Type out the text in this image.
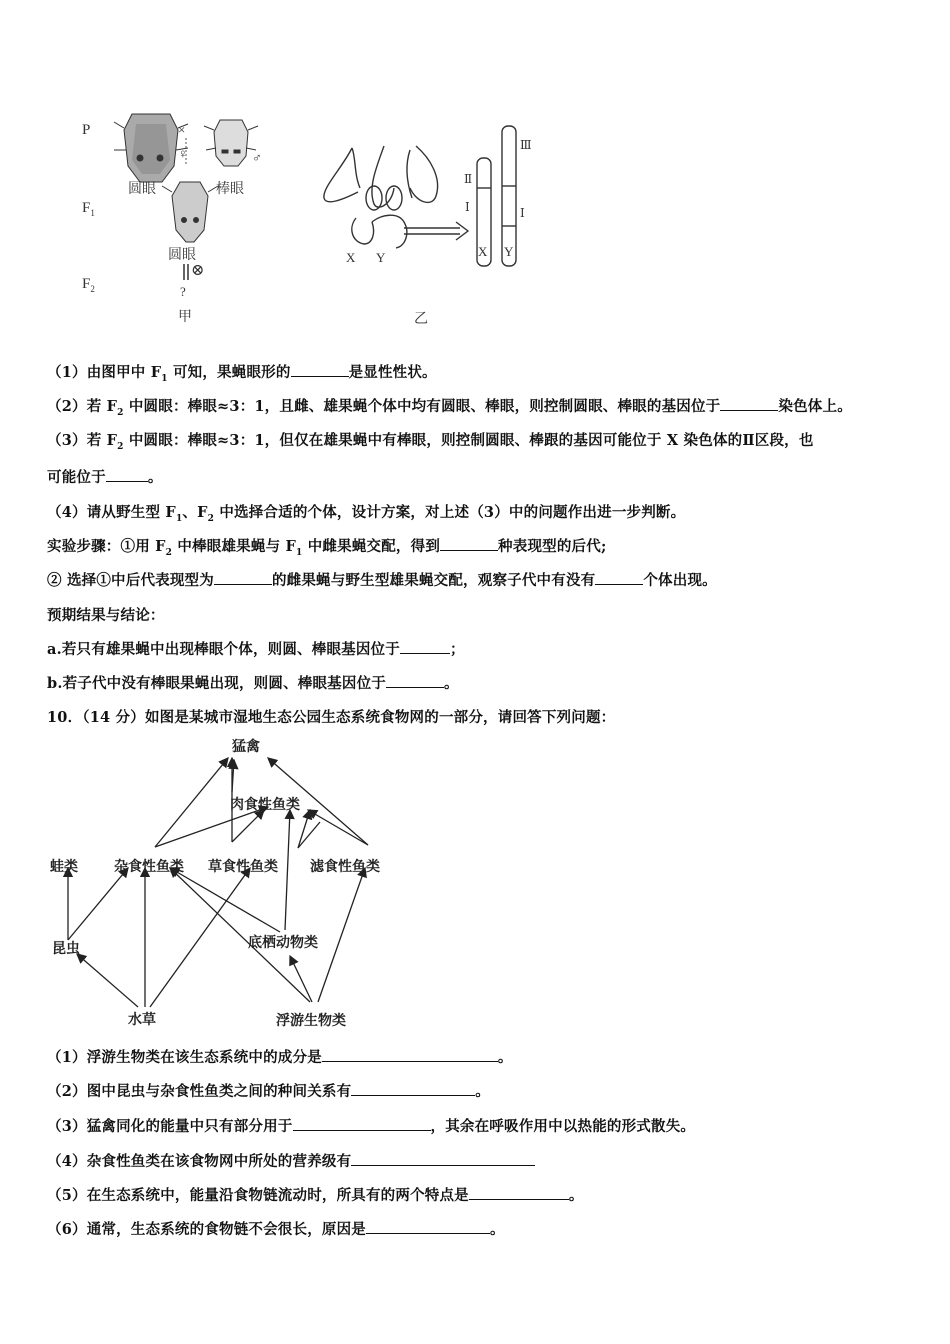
P
$F_1$
$F_2$
×
♀	♂
圆眼	棒眼
圆眼
⊗
?
甲
X Y
Ⅱ
Ⅰ
Ⅲ
Ⅰ
X Y
乙
（1）由图甲中 $F_1$ 可知，果蝇眼形的	是显性性状。
（2）若 $F_2$ 中圆眼：棒眼≈3：1，且雌、雄果蝇个体中均有圆眼、棒眼，则控制圆眼、棒眼的基因位于	染色体上。
（3）若 $F_2$ 中圆眼：棒眼≈3：1，但仅在雄果蝇中有棒眼，则控制圆眼、棒跟的基因可能位于 X 染色体的Ⅱ区段，也
可能位于	。
（4）请从野生型 $F_1$、$F_2$ 中选择合适的个体，设计方案，对上述（3）中的问题作出进一步判断。
实验步骤：①用 $F_2$ 中棒眼雄果蝇与 $F_1$ 中雌果蝇交配，得到	种表现型的后代;
② 选择①中后代表现型为	的雌果蝇与野生型雄果蝇交配，观察子代中有没有	个体出现。
预期结果与结论：
a.若只有雄果蝇中出现棒眼个体，则圆、棒眼基因位于	；
b.若子代中没有棒眼果蝇出现，则圆、棒眼基因位于	。
10．（14 分）如图是某城市湿地生态公园生态系统食物网的一部分，请回答下列问题：
猛禽
肉食性鱼类
蛙类	杂食性鱼类 草食性鱼类 滤食性鱼类
昆虫	底栖动物类
水草	浮游生物类
（1）浮游生物类在该生态系统中的成分是	。
（2）图中昆虫与杂食性鱼类之间的种间关系有	。
（3）猛禽同化的能量中只有部分用于	，其余在呼吸作用中以热能的形式散失。
（4）杂食性鱼类在该食物网中所处的营养级有
（5）在生态系统中，能量沿食物链流动时，所具有的两个特点是	。
（6）通常，生态系统的食物链不会很长，原因是	。
